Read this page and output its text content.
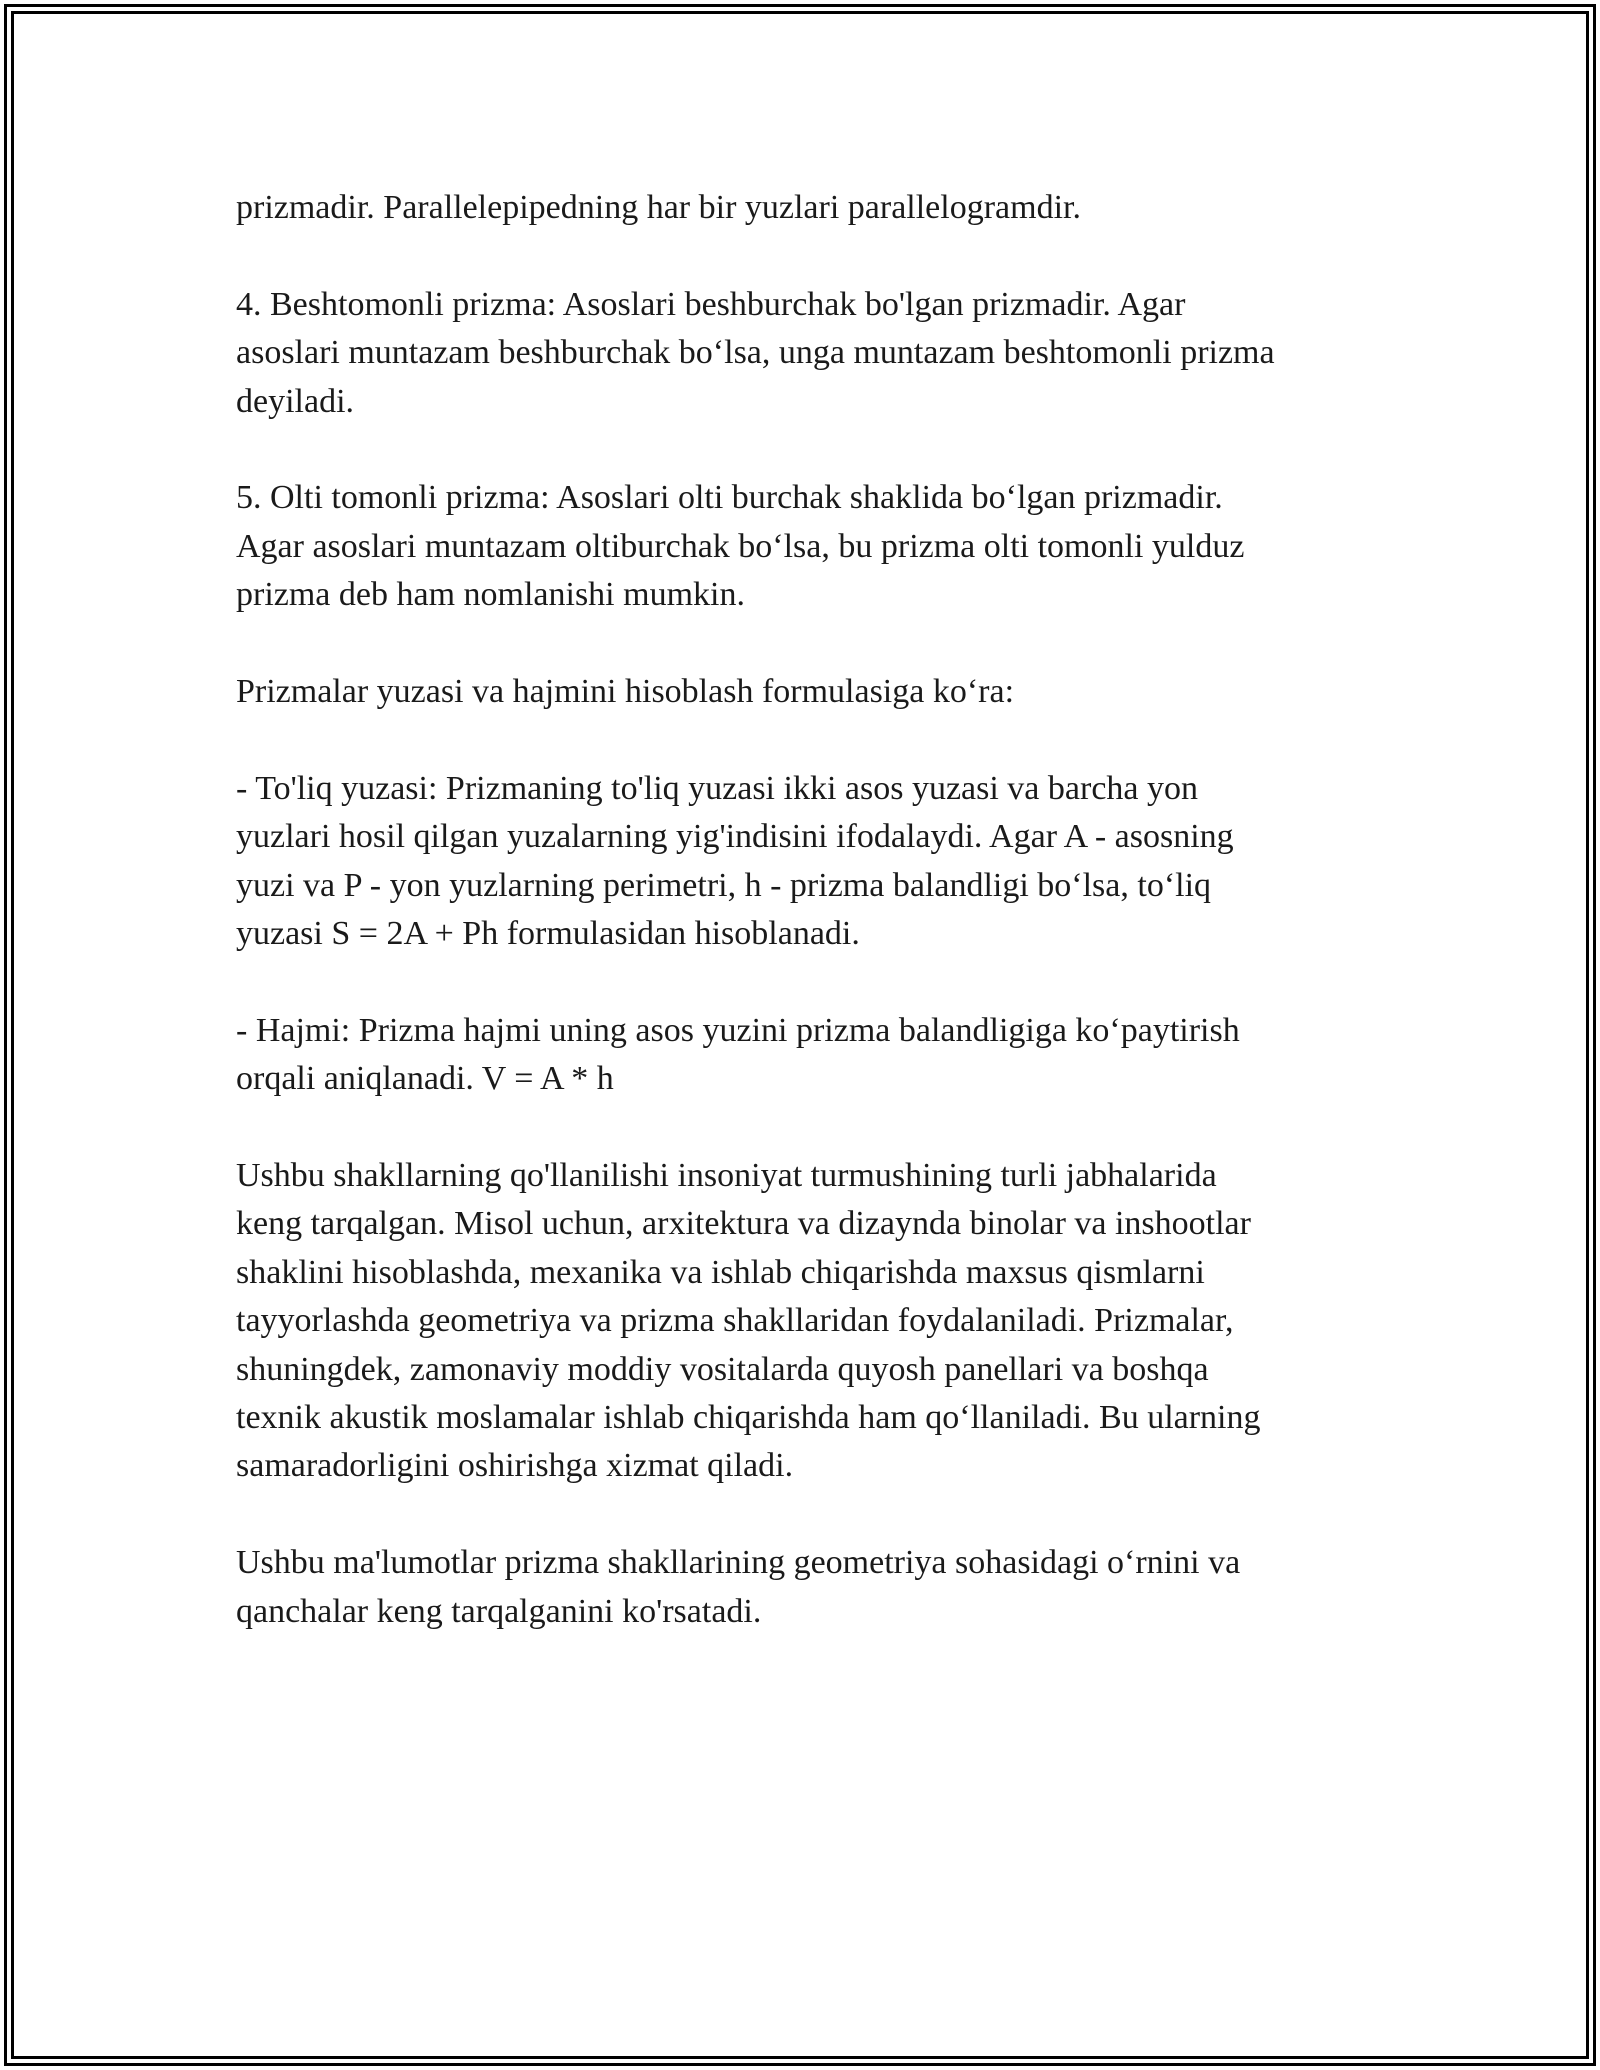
prizmadir. Parallelepipedning har bir yuzlari parallelogramdir.

4. Beshtomonli prizma: Asoslari beshburchak bo'lgan prizmadir. Agar
asoslari muntazam beshburchak bo‘lsa, unga muntazam beshtomonli prizma
deyiladi.

5. Olti tomonli prizma: Asoslari olti burchak shaklida bo‘lgan prizmadir.
Agar asoslari muntazam oltiburchak bo‘lsa, bu prizma olti tomonli yulduz
prizma deb ham nomlanishi mumkin.

Prizmalar yuzasi va hajmini hisoblash formulasiga ko‘ra:

- To'liq yuzasi: Prizmaning to'liq yuzasi ikki asos yuzasi va barcha yon
yuzlari hosil qilgan yuzalarning yig'indisini ifodalaydi. Agar A - asosning
yuzi va P - yon yuzlarning perimetri, h - prizma balandligi bo‘lsa, to‘liq
yuzasi S = 2A + Ph formulasidan hisoblanadi.

- Hajmi: Prizma hajmi uning asos yuzini prizma balandligiga ko‘paytirish
orqali aniqlanadi. V = A * h

Ushbu shakllarning qo'llanilishi insoniyat turmushining turli jabhalarida
keng tarqalgan. Misol uchun, arxitektura va dizaynda binolar va inshootlar
shaklini hisoblashda, mexanika va ishlab chiqarishda maxsus qismlarni
tayyorlashda geometriya va prizma shakllaridan foydalaniladi. Prizmalar,
shuningdek, zamonaviy moddiy vositalarda quyosh panellari va boshqa
texnik akustik moslamalar ishlab chiqarishda ham qo‘llaniladi. Bu ularning
samaradorligini oshirishga xizmat qiladi.

Ushbu ma'lumotlar prizma shakllarining geometriya sohasidagi o‘rnini va
qanchalar keng tarqalganini ko'rsatadi.
